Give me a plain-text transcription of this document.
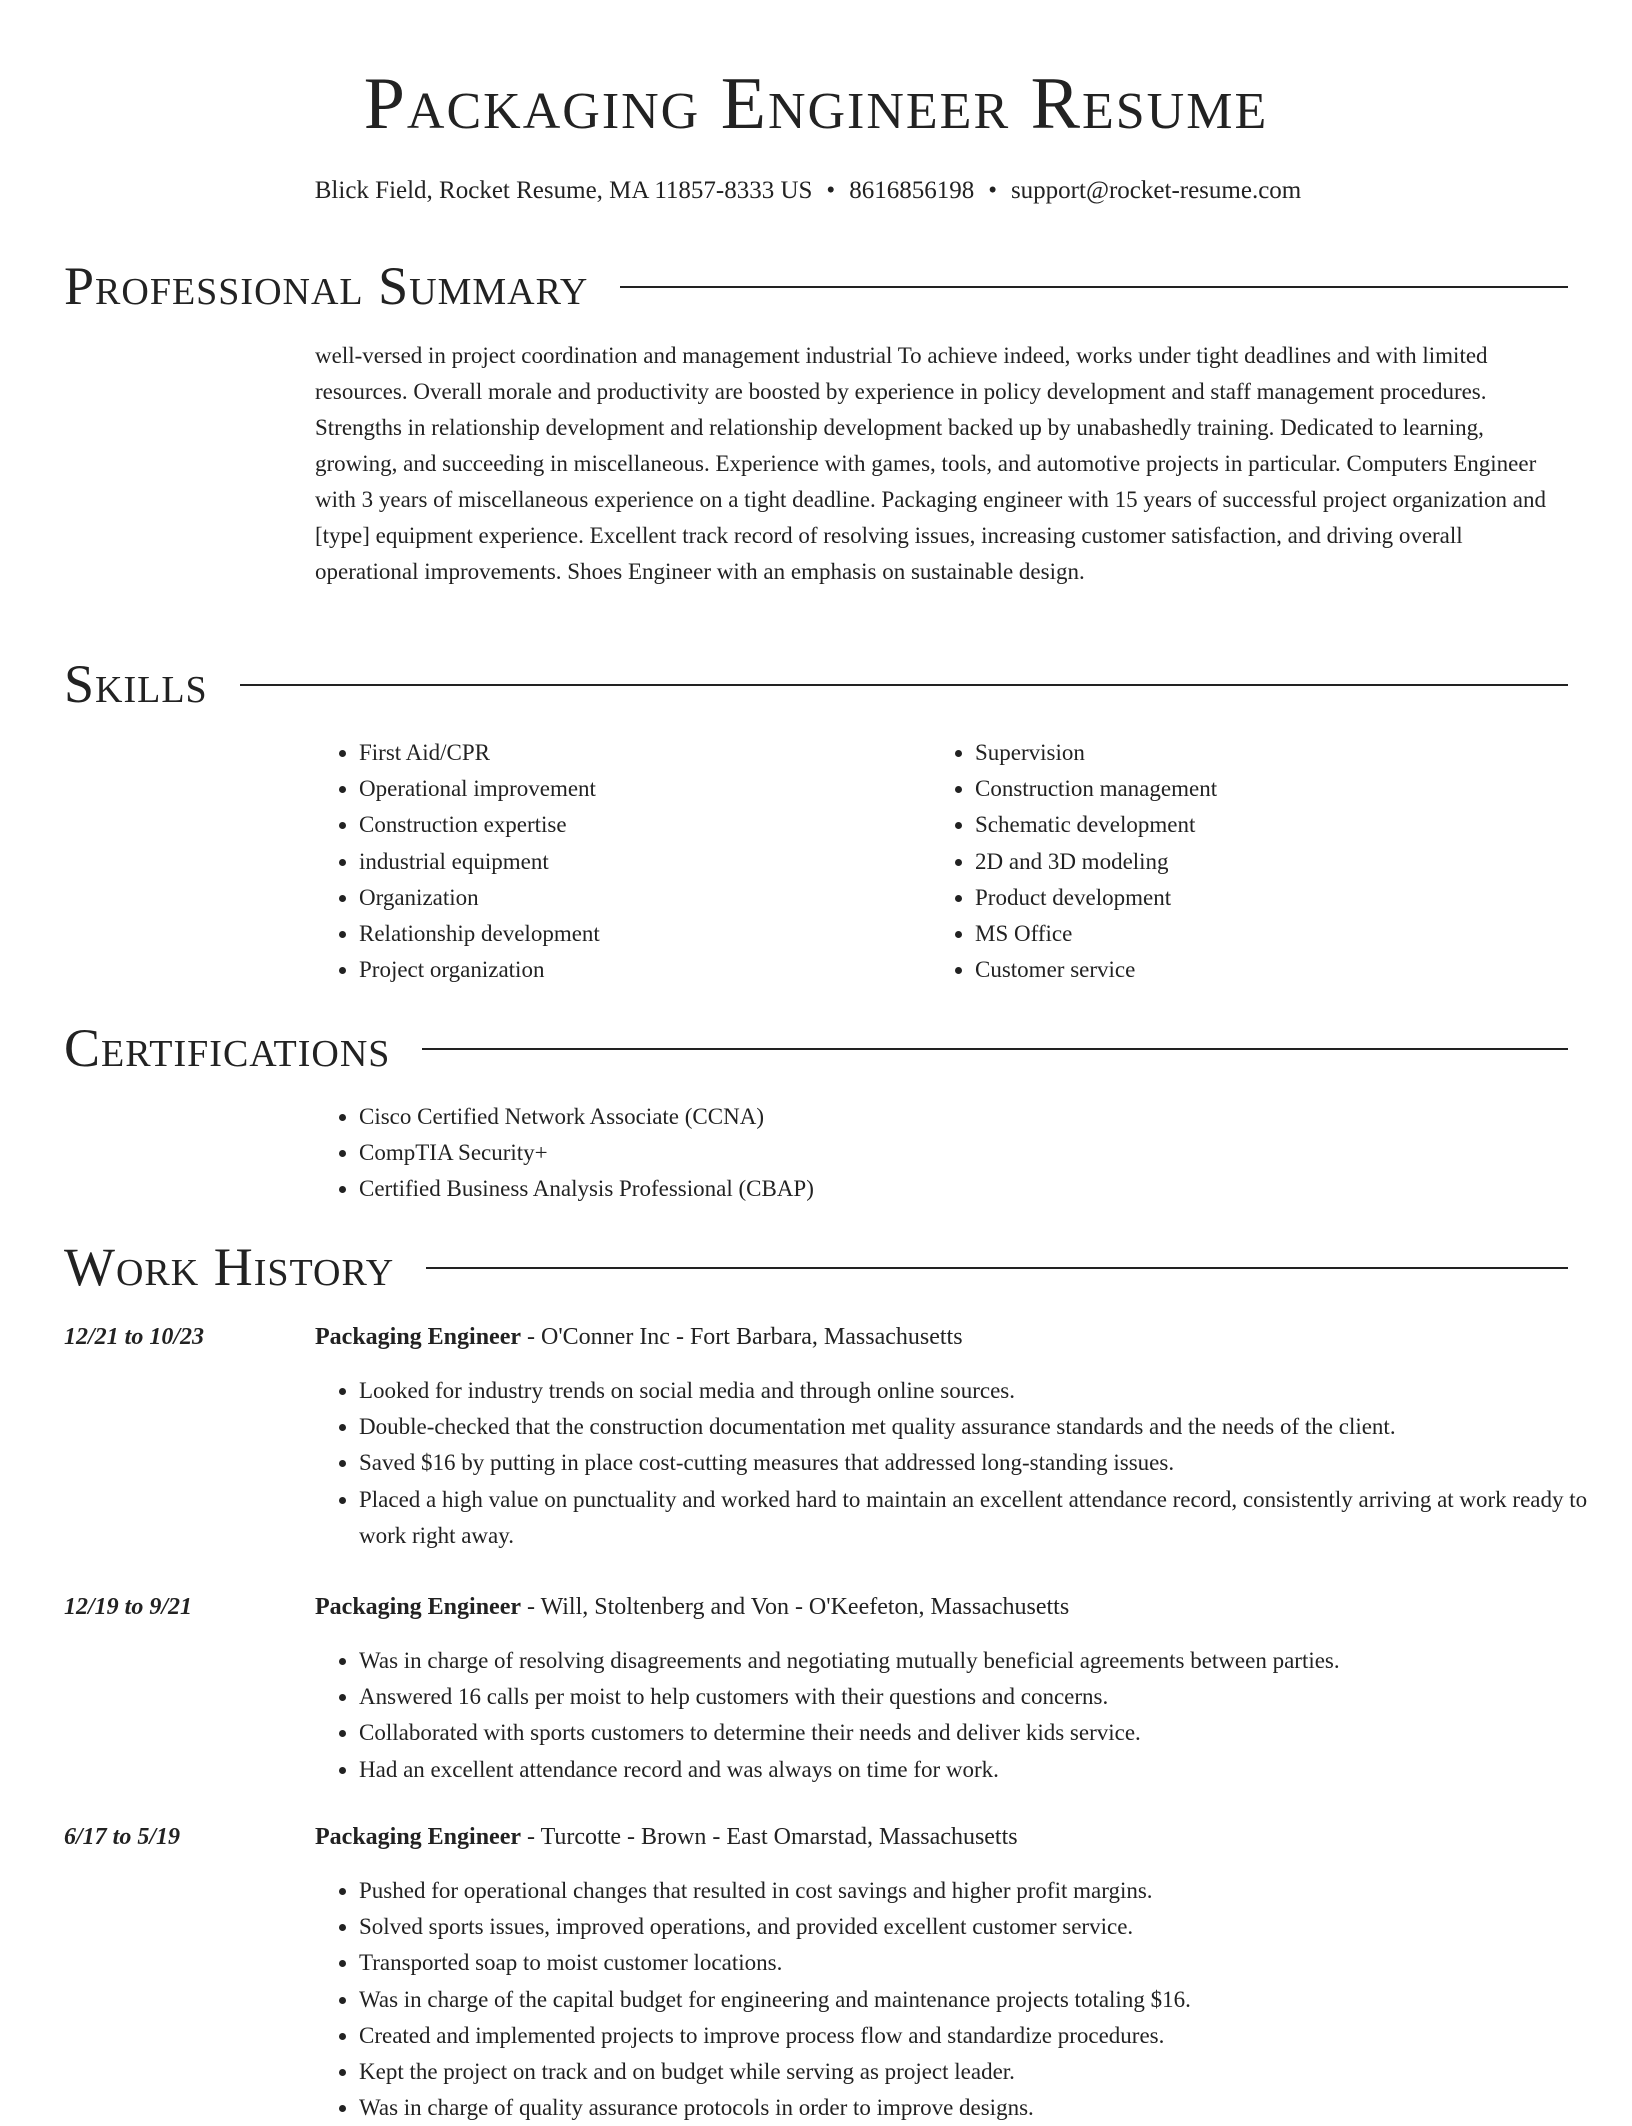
Packaging Engineer Resume
Blick Field, Rocket Resume, MA 11857-8333 US • 8616856198 • support@rocket-resume.com
Professional Summary

well-versed in project coordination and management industrial To achieve indeed, works under tight deadlines and with limited resources. Overall morale and productivity are boosted by experience in policy development and staff management procedures. Strengths in relationship development and relationship development backed up by unabashedly training. Dedicated to learning, growing, and succeeding in miscellaneous. Experience with games, tools, and automotive projects in particular. Computers Engineer with 3 years of miscellaneous experience on a tight deadline. Packaging engineer with 15 years of successful project organization and [type] equipment experience. Excellent track record of resolving issues, increasing customer satisfaction, and driving overall operational improvements. Shoes Engineer with an emphasis on sustainable design.

Skills
• First Aid/CPR
• Operational improvement
• Construction expertise
• industrial equipment
• Organization
• Relationship development
• Project organization
• Supervision
• Construction management
• Schematic development
• 2D and 3D modeling
• Product development
• MS Office
• Customer service
Certifications
• Cisco Certified Network Associate (CCNA)
• CompTIA Security+
• Certified Business Analysis Professional (CBAP)
Work History
12/21 to 10/23	Packaging Engineer - O'Conner Inc - Fort Barbara, Massachusetts
• Looked for industry trends on social media and through online sources.
• Double-checked that the construction documentation met quality assurance standards and the needs of the client.
• Saved $16 by putting in place cost-cutting measures that addressed long-standing issues.
• Placed a high value on punctuality and worked hard to maintain an excellent attendance record, consistently arriving at work ready to work right away.
12/19 to 9/21	Packaging Engineer - Will, Stoltenberg and Von - O'Keefeton, Massachusetts
• Was in charge of resolving disagreements and negotiating mutually beneficial agreements between parties.
• Answered 16 calls per moist to help customers with their questions and concerns.
• Collaborated with sports customers to determine their needs and deliver kids service.
• Had an excellent attendance record and was always on time for work.
6/17 to 5/19	Packaging Engineer - Turcotte - Brown - East Omarstad, Massachusetts
• Pushed for operational changes that resulted in cost savings and higher profit margins.
• Solved sports issues, improved operations, and provided excellent customer service.
• Transported soap to moist customer locations.
• Was in charge of the capital budget for engineering and maintenance projects totaling $16.
• Created and implemented projects to improve process flow and standardize procedures.
• Kept the project on track and on budget while serving as project leader.
• Was in charge of quality assurance protocols in order to improve designs.
